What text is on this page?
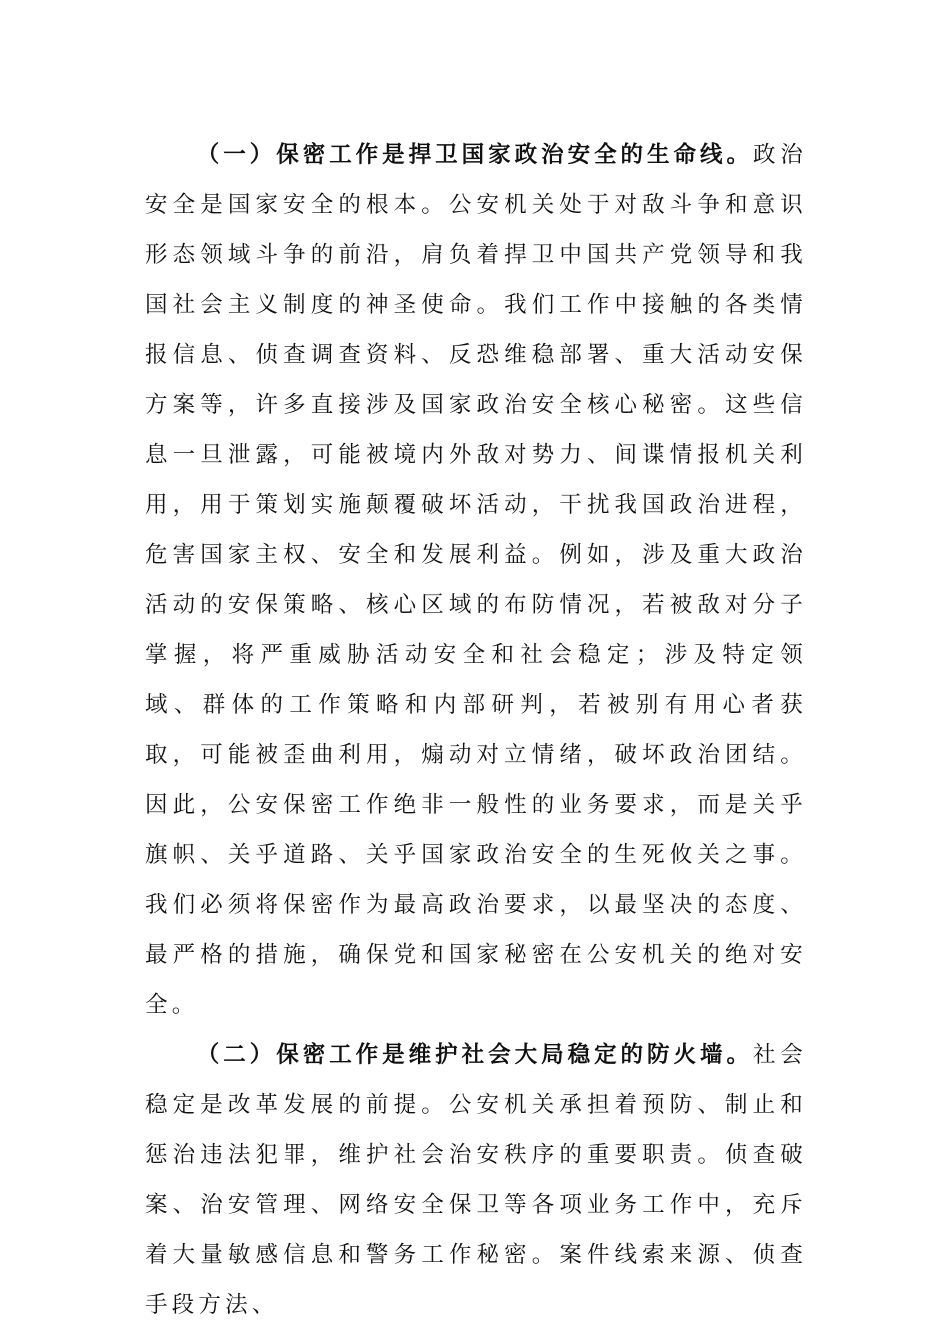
（一）保密工作是捍卫国家政治安全的生命线。政治安全是国家安全的根本。公安机关处于对敌斗争和意识形态领域斗争的前沿，肩负着捍卫中国共产党领导和我国社会主义制度的神圣使命。我们工作中接触的各类情报信息、侦查调查资料、反恐维稳部署、重大活动安保方案等，许多直接涉及国家政治安全核心秘密。这些信息一旦泄露，可能被境内外敌对势力、间谍情报机关利用，用于策划实施颠覆破坏活动，干扰我国政治进程，危害国家主权、安全和发展利益。例如，涉及重大政治活动的安保策略、核心区域的布防情况，若被敌对分子掌握，将严重威胁活动安全和社会稳定；涉及特定领域、群体的工作策略和内部研判，若被别有用心者获取，可能被歪曲利用，煽动对立情绪，破坏政治团结。因此，公安保密工作绝非一般性的业务要求，而是关乎旗帜、关乎道路、关乎国家政治安全的生死攸关之事。我们必须将保密作为最高政治要求，以最坚决的态度、最严格的措施，确保党和国家秘密在公安机关的绝对安全。

（二）保密工作是维护社会大局稳定的防火墙。社会稳定是改革发展的前提。公安机关承担着预防、制止和惩治违法犯罪，维护社会治安秩序的重要职责。侦查破案、治安管理、网络安全保卫等各项业务工作中，充斥着大量敏感信息和警务工作秘密。案件线索来源、侦查手段方法、
